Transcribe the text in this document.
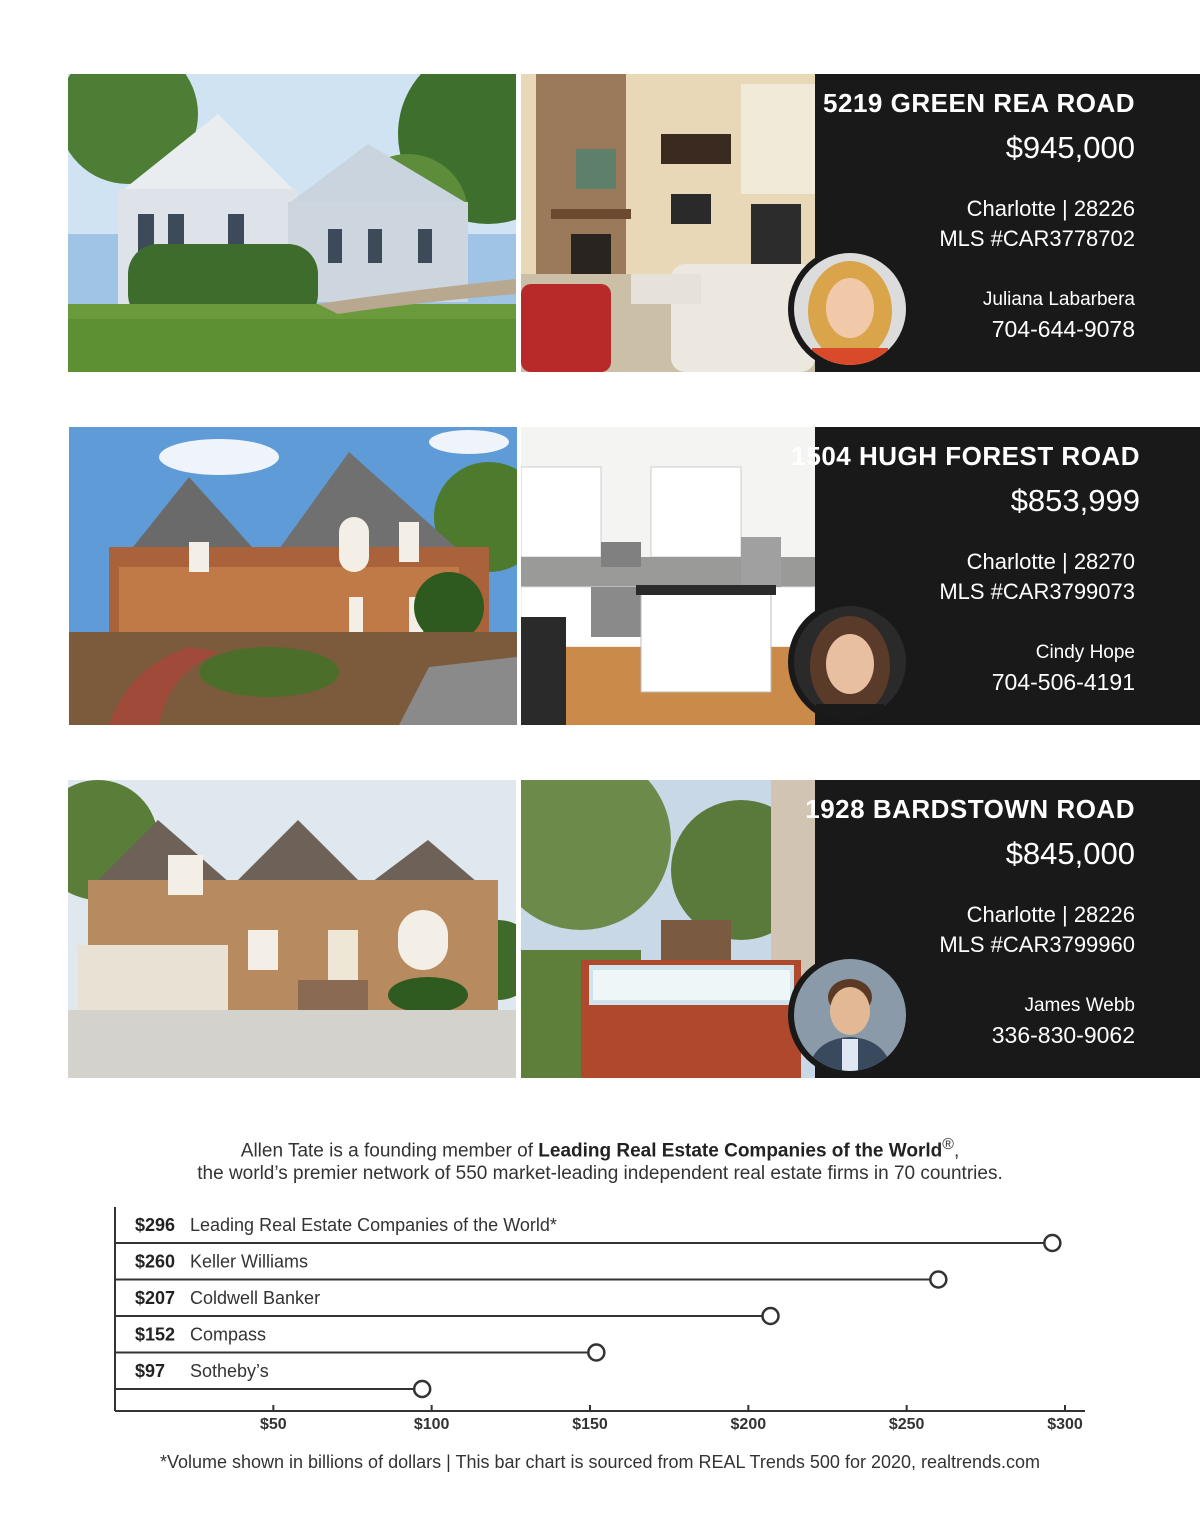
5219 GREEN REA ROAD
$945,000
Charlotte | 28226
MLS #CAR3778702
Juliana Labarbera
704-644-9078
1504 HUGH FOREST ROAD
$853,999
Charlotte | 28270
MLS #CAR3799073
Cindy Hope
704-506-4191
1928 BARDSTOWN ROAD
$845,000
Charlotte | 28226
MLS #CAR3799960
James Webb
336-830-9062
Allen Tate is a founding member of Leading Real Estate Companies of the World®,
the world’s premier network of 550 market-leading independent real estate firms in 70 countries.
$50	$100	$150	$200	$250	$300
$296 Leading Real Estate Companies of the World*
$260 Keller Williams
$207 Coldwell Banker
$152 Compass
$97 Sotheby’s
*Volume shown in billions of dollars | This bar chart is sourced from REAL Trends 500 for 2020, realtrends.com
